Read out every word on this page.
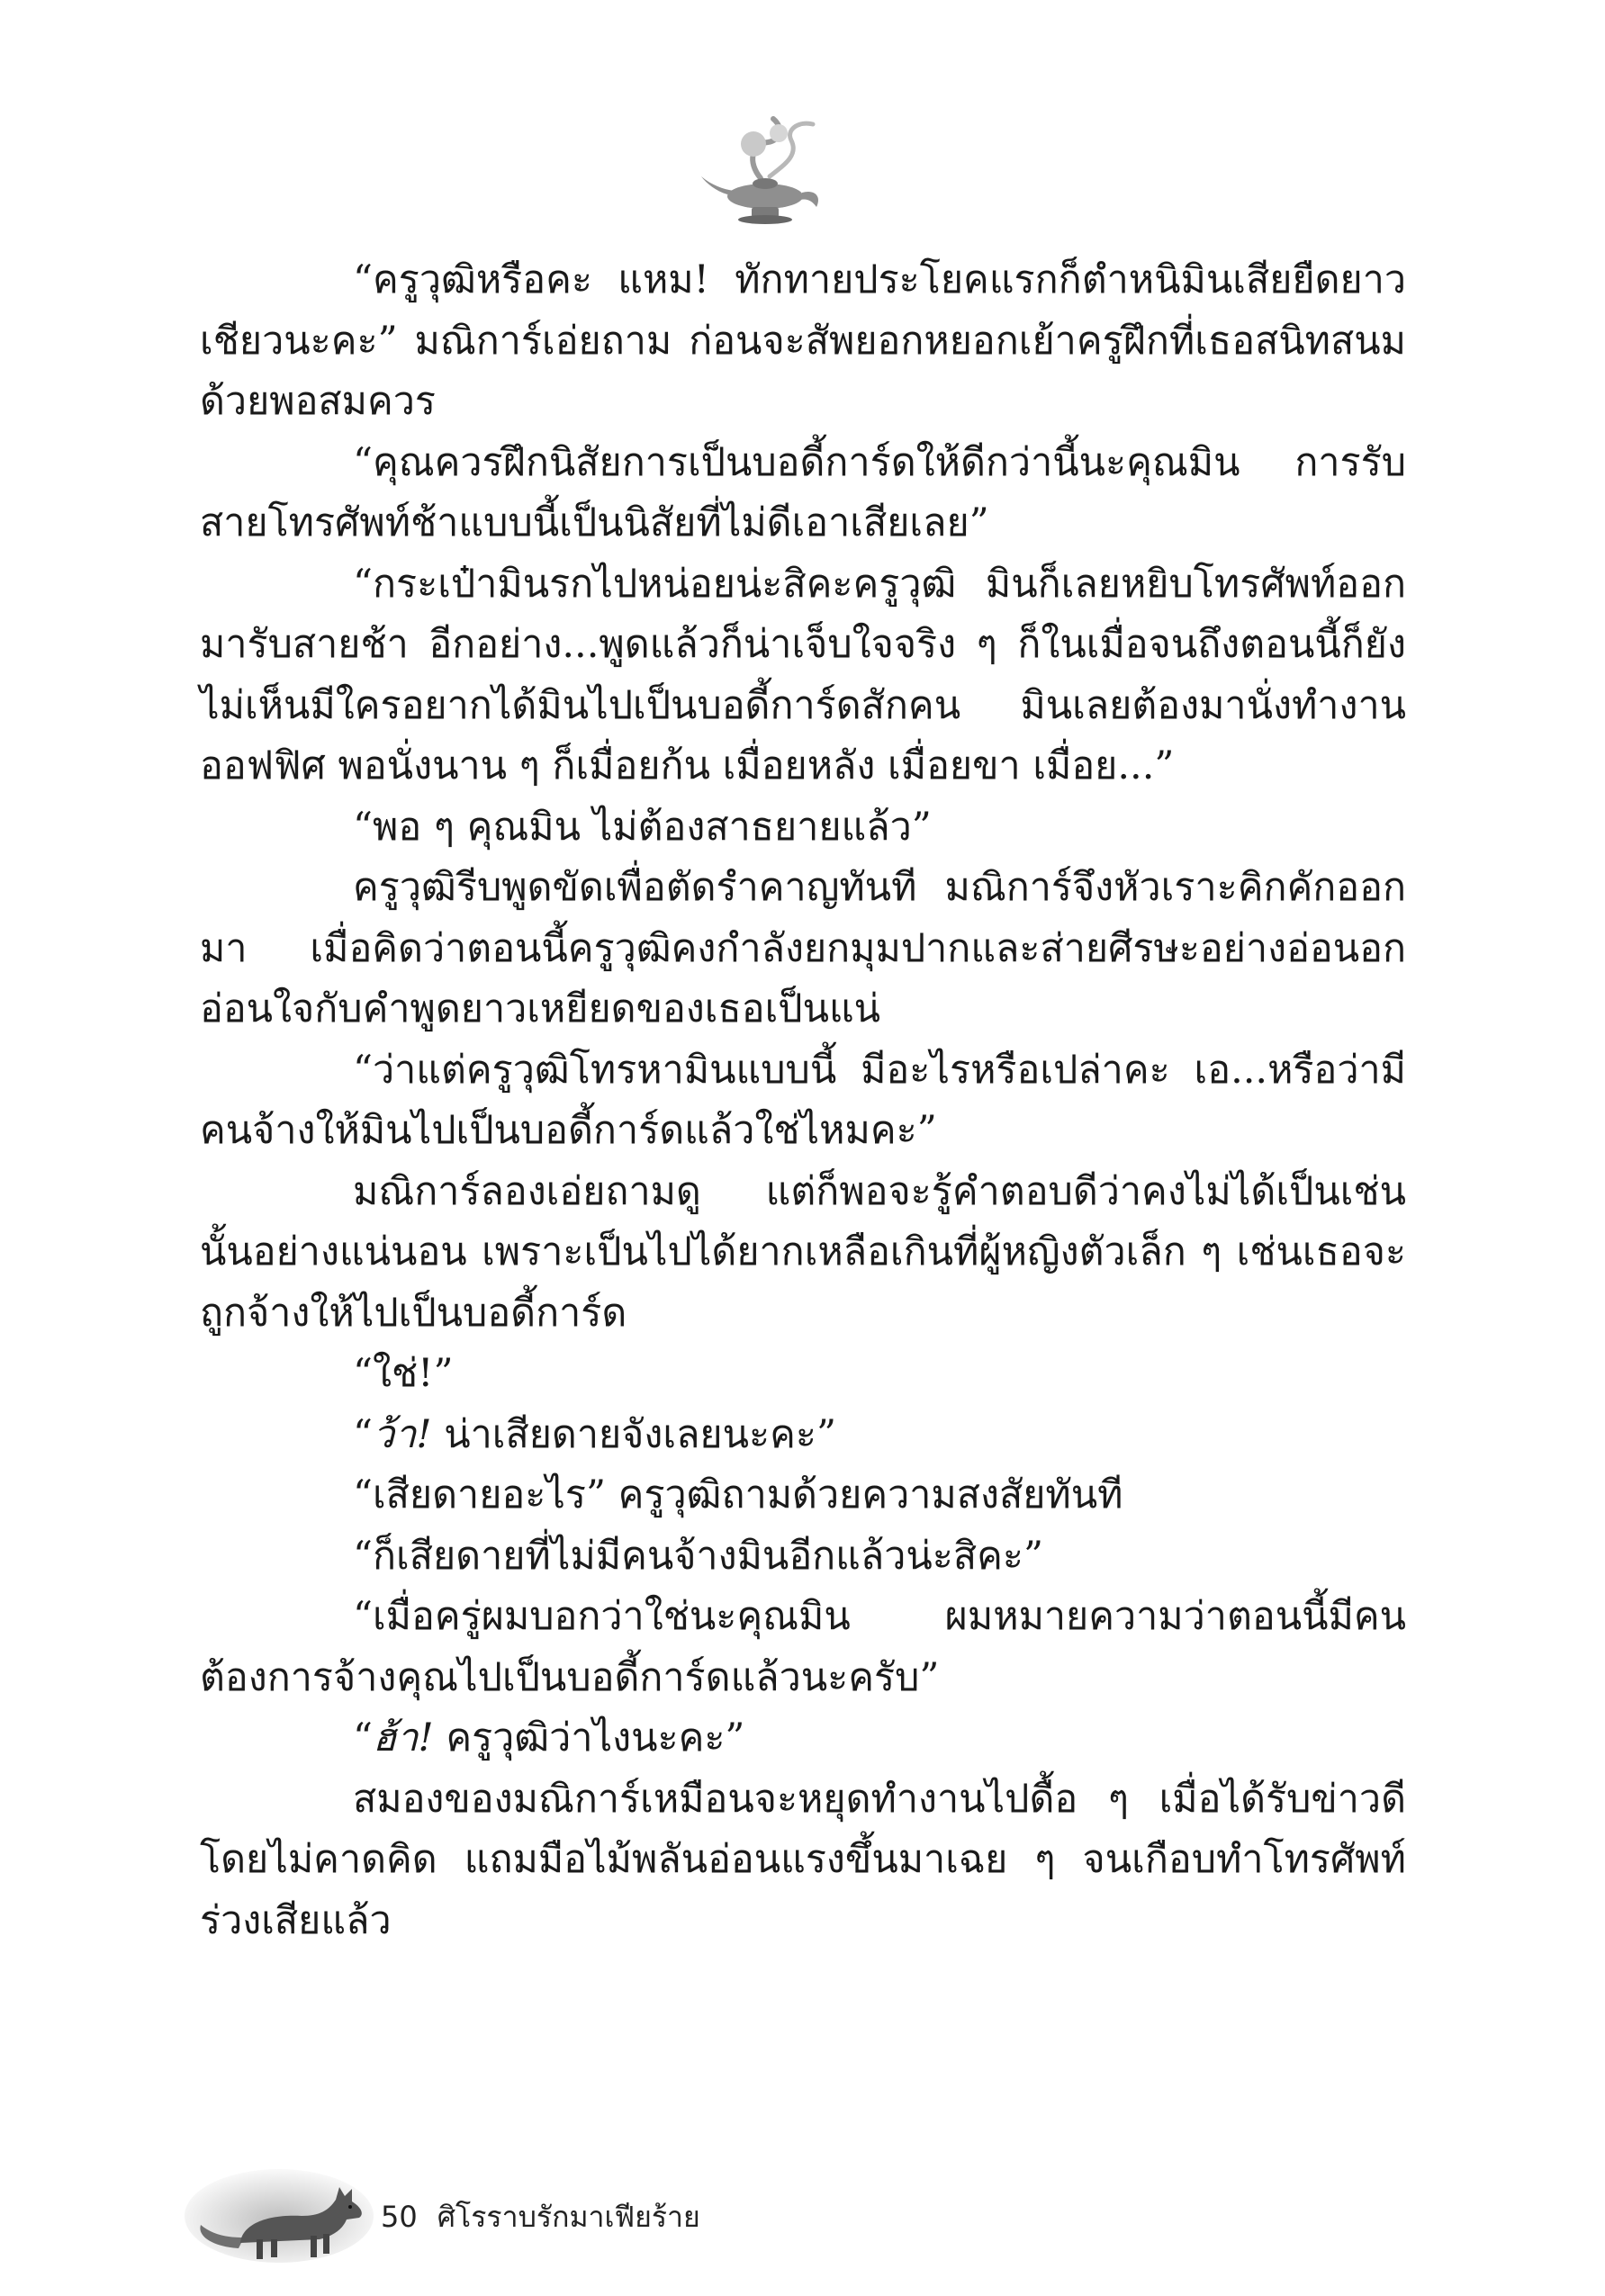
“ครูวุฒิหรือคะ แหม! ทักทายประโยคแรกก็ตำหนิมินเสียยืดยาวเชียวนะคะ” มณิการ์เอ่ยถาม ก่อนจะสัพยอกหยอกเย้าครูฝึกที่เธอสนิทสนมด้วยพอสมควร

“คุณควรฝึกนิสัยการเป็นบอดี้การ์ดให้ดีกว่านี้นะคุณมิน การรับสายโทรศัพท์ช้าแบบนี้เป็นนิสัยที่ไม่ดีเอาเสียเลย”

“กระเป๋ามินรกไปหน่อยน่ะสิคะครูวุฒิ มินก็เลยหยิบโทรศัพท์ออกมารับสายช้า อีกอย่าง...พูดแล้วก็น่าเจ็บใจจริง ๆ ก็ในเมื่อจนถึงตอนนี้ก็ยังไม่เห็นมีใครอยากได้มินไปเป็นบอดี้การ์ดสักคน มินเลยต้องมานั่งทำงานออฟฟิศ พอนั่งนาน ๆ ก็เมื่อยก้น เมื่อยหลัง เมื่อยขา เมื่อย...”

“พอ ๆ คุณมิน ไม่ต้องสาธยายแล้ว”

ครูวุฒิรีบพูดขัดเพื่อตัดรำคาญทันที มณิการ์จึงหัวเราะคิกคักออกมา เมื่อคิดว่าตอนนี้ครูวุฒิคงกำลังยกมุมปากและส่ายศีรษะอย่างอ่อนอกอ่อนใจกับคำพูดยาวเหยียดของเธอเป็นแน่

“ว่าแต่ครูวุฒิโทรหามินแบบนี้ มีอะไรหรือเปล่าคะ เอ...หรือว่ามีคนจ้างให้มินไปเป็นบอดี้การ์ดแล้วใช่ไหมคะ”

มณิการ์ลองเอ่ยถามดู แต่ก็พอจะรู้คำตอบดีว่าคงไม่ได้เป็นเช่นนั้นอย่างแน่นอน เพราะเป็นไปได้ยากเหลือเกินที่ผู้หญิงตัวเล็ก ๆ เช่นเธอจะถูกจ้างให้ไปเป็นบอดี้การ์ด

“ใช่!”

“ว้า! น่าเสียดายจังเลยนะคะ”

“เสียดายอะไร” ครูวุฒิถามด้วยความสงสัยทันที

“ก็เสียดายที่ไม่มีคนจ้างมินอีกแล้วน่ะสิคะ”

“เมื่อครู่ผมบอกว่าใช่นะคุณมิน ผมหมายความว่าตอนนี้มีคนต้องการจ้างคุณไปเป็นบอดี้การ์ดแล้วนะครับ”

“ฮ้า! ครูวุฒิว่าไงนะคะ”

สมองของมณิการ์เหมือนจะหยุดทำงานไปดื้อ ๆ เมื่อได้รับข่าวดีโดยไม่คาดคิด แถมมือไม้พลันอ่อนแรงขึ้นมาเฉย ๆ จนเกือบทำโทรศัพท์ร่วงเสียแล้ว

50 ศิโรราบรักมาเฟียร้าย
